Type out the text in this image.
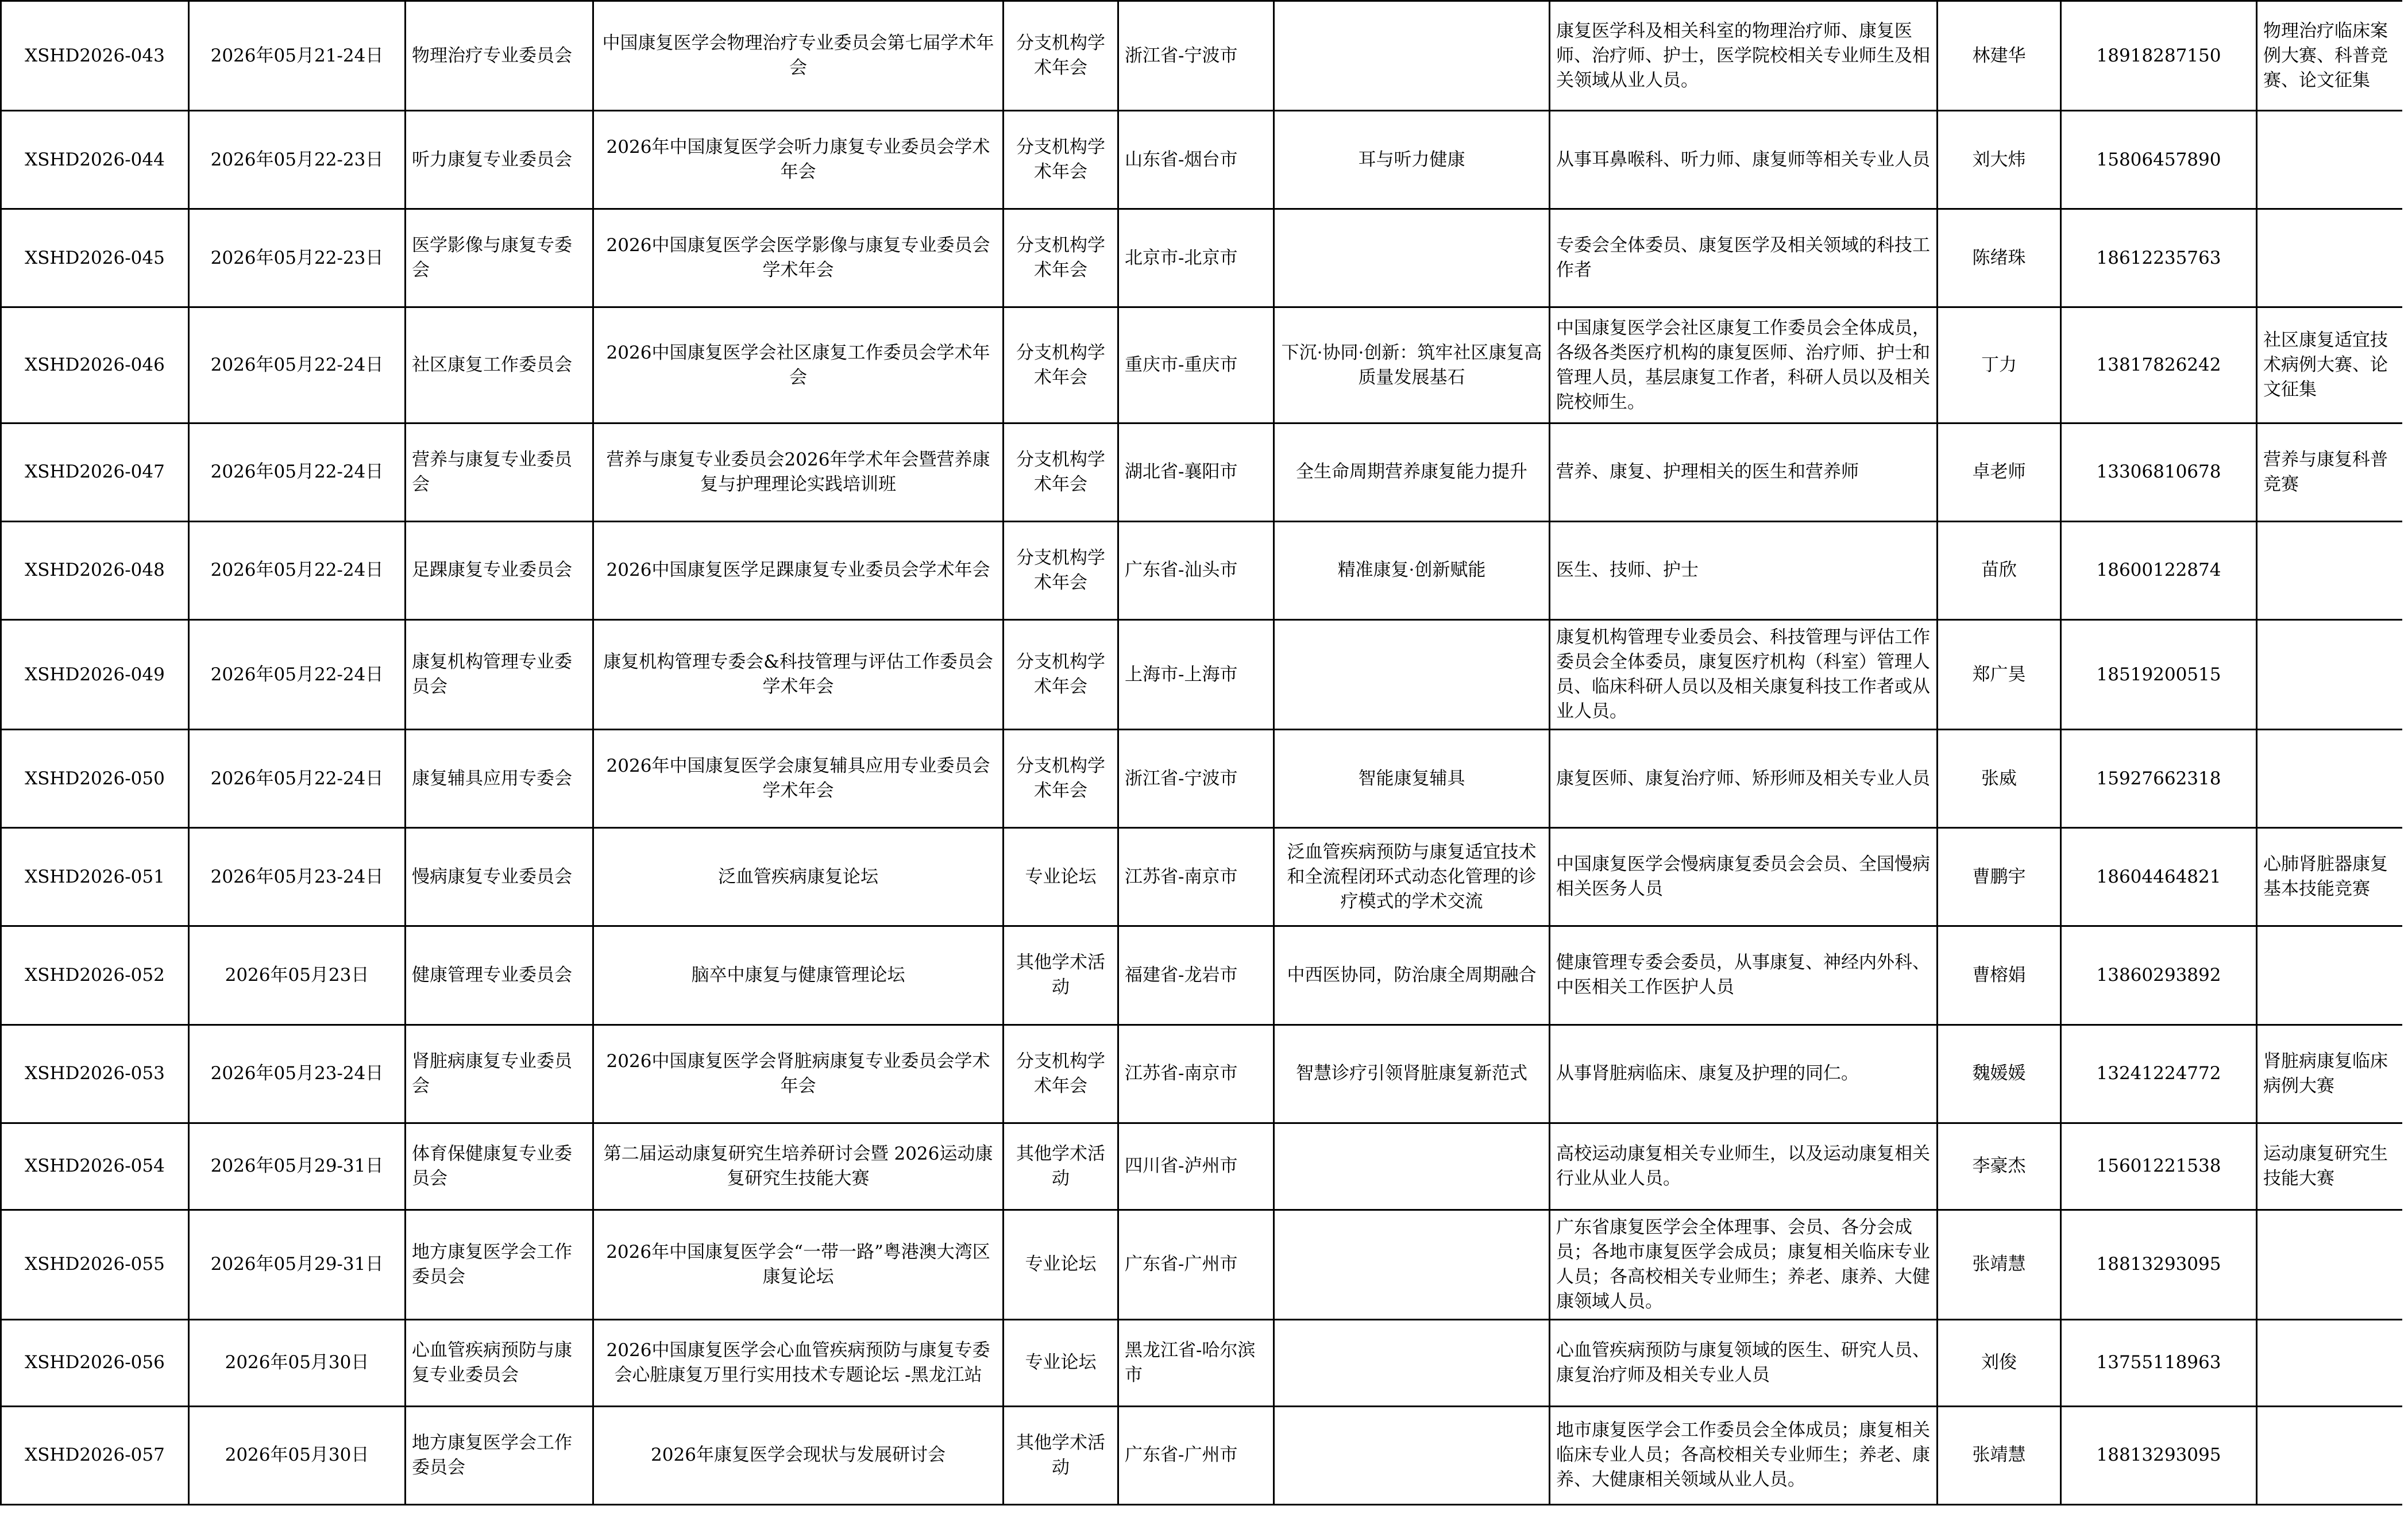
XSHD2026-043	2026年05月21-24日	物理治疗专业委员会	中国康复医学会物理治疗专业委员会第七届学术年会	分支机构学术年会	浙江省-宁波市		康复医学科及相关科室的物理治疗师、康复医师、治疗师、护士，医学院校相关专业师生及相关领域从业人员。	林建华	18918287150	物理治疗临床案例大赛、科普竞赛、论文征集
XSHD2026-044	2026年05月22-23日	听力康复专业委员会	2026年中国康复医学会听力康复专业委员会学术年会	分支机构学术年会	山东省-烟台市	耳与听力健康	从事耳鼻喉科、听力师、康复师等相关专业人员	刘大炜	15806457890	
XSHD2026-045	2026年05月22-23日	医学影像与康复专委会	2026中国康复医学会医学影像与康复专业委员会学术年会	分支机构学术年会	北京市-北京市		专委会全体委员、康复医学及相关领域的科技工作者	陈绪珠	18612235763	
XSHD2026-046	2026年05月22-24日	社区康复工作委员会	2026中国康复医学会社区康复工作委员会学术年会	分支机构学术年会	重庆市-重庆市	下沉·协同·创新：筑牢社区康复高质量发展基石	中国康复医学会社区康复工作委员会全体成员，各级各类医疗机构的康复医师、治疗师、护士和管理人员，基层康复工作者，科研人员以及相关院校师生。	丁力	13817826242	社区康复适宜技术病例大赛、论文征集
XSHD2026-047	2026年05月22-24日	营养与康复专业委员会	营养与康复专业委员会2026年学术年会暨营养康复与护理理论实践培训班	分支机构学术年会	湖北省-襄阳市	全生命周期营养康复能力提升	营养、康复、护理相关的医生和营养师	卓老师	13306810678	营养与康复科普竞赛
XSHD2026-048	2026年05月22-24日	足踝康复专业委员会	2026中国康复医学足踝康复专业委员会学术年会	分支机构学术年会	广东省-汕头市	精准康复·创新赋能	医生、技师、护士	苗欣	18600122874	
XSHD2026-049	2026年05月22-24日	康复机构管理专业委员会	康复机构管理专委会&科技管理与评估工作委员会学术年会	分支机构学术年会	上海市-上海市		康复机构管理专业委员会、科技管理与评估工作委员会全体委员，康复医疗机构（科室）管理人员、临床科研人员以及相关康复科技工作者或从业人员。	郑广昊	18519200515	
XSHD2026-050	2026年05月22-24日	康复辅具应用专委会	2026年中国康复医学会康复辅具应用专业委员会学术年会	分支机构学术年会	浙江省-宁波市	智能康复辅具	康复医师、康复治疗师、矫形师及相关专业人员	张威	15927662318	
XSHD2026-051	2026年05月23-24日	慢病康复专业委员会	泛血管疾病康复论坛	专业论坛	江苏省-南京市	泛血管疾病预防与康复适宜技术和全流程闭环式动态化管理的诊疗模式的学术交流	中国康复医学会慢病康复委员会会员、全国慢病相关医务人员	曹鹏宇	18604464821	心肺肾脏器康复基本技能竞赛
XSHD2026-052	2026年05月23日	健康管理专业委员会	脑卒中康复与健康管理论坛	其他学术活动	福建省-龙岩市	中西医协同，防治康全周期融合	健康管理专委会委员，从事康复、神经内外科、中医相关工作医护人员	曹榕娟	13860293892	
XSHD2026-053	2026年05月23-24日	肾脏病康复专业委员会	2026中国康复医学会肾脏病康复专业委员会学术年会	分支机构学术年会	江苏省-南京市	智慧诊疗引领肾脏康复新范式	从事肾脏病临床、康复及护理的同仁。	魏媛媛	13241224772	肾脏病康复临床病例大赛
XSHD2026-054	2026年05月29-31日	体育保健康复专业委员会	第二届运动康复研究生培养研讨会暨 2026运动康复研究生技能大赛	其他学术活动	四川省-泸州市		高校运动康复相关专业师生，以及运动康复相关行业从业人员。	李豪杰	15601221538	运动康复研究生技能大赛
XSHD2026-055	2026年05月29-31日	地方康复医学会工作委员会	2026年中国康复医学会“一带一路”粤港澳大湾区康复论坛	专业论坛	广东省-广州市		广东省康复医学会全体理事、会员、各分会成员；各地市康复医学会成员；康复相关临床专业人员；各高校相关专业师生；养老、康养、大健康领域人员。	张靖慧	18813293095	
XSHD2026-056	2026年05月30日	心血管疾病预防与康复专业委员会	2026中国康复医学会心血管疾病预防与康复专委会心脏康复万里行实用技术专题论坛 -黑龙江站	专业论坛	黑龙江省-哈尔滨市		心血管疾病预防与康复领域的医生、研究人员、康复治疗师及相关专业人员	刘俊	13755118963	
XSHD2026-057	2026年05月30日	地方康复医学会工作委员会	2026年康复医学会现状与发展研讨会	其他学术活动	广东省-广州市		地市康复医学会工作委员会全体成员；康复相关临床专业人员；各高校相关专业师生；养老、康养、大健康相关领域从业人员。	张靖慧	18813293095	
